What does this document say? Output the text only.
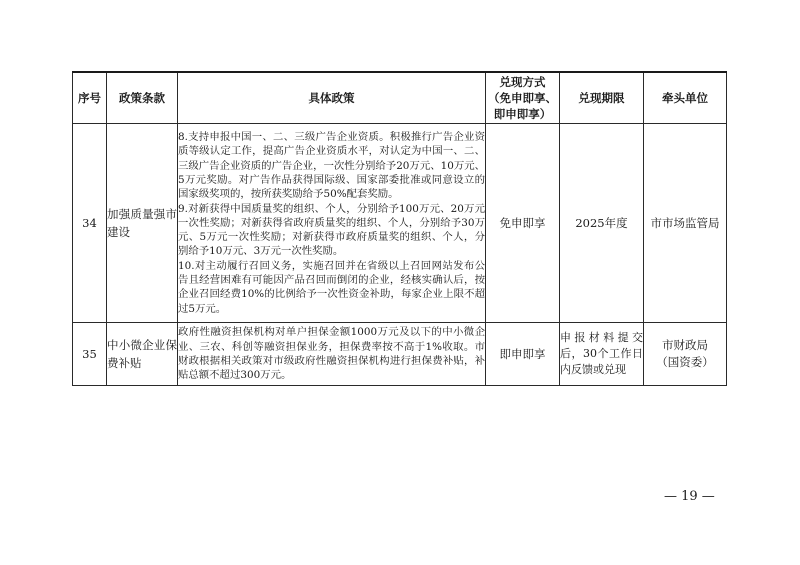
序号	政策条款	具体政策	兑现方式
（免申即享、
即申即享）	兑现期限	牵头单位
34	加强质量强市建设	8.支持申报中国一、二、三级广告企业资质。积极推行广告企业资质等级认定工作，提高广告企业资质水平，对认定为中国一、二、三级广告企业资质的广告企业，一次性分别给予20万元、10万元、5万元奖励。对广告作品获得国际级、国家部委批准或同意设立的国家级奖项的，按所获奖励给予50%配套奖励。

9.对新获得中国质量奖的组织、个人，分别给予100万元、20万元一次性奖励；对新获得省政府质量奖的组织、个人，分别给予30万元、5万元一次性奖励；对新获得市政府质量奖的组织、个人，分别给予10万元、3万元一次性奖励。

10.对主动履行召回义务，实施召回并在省级以上召回网站发布公告且经营困难有可能因产品召回而倒闭的企业，经核实确认后，按企业召回经费10%的比例给予一次性资金补助，每家企业上限不超过5万元。	免申即享	2025年度	市市场监管局

35	中小微企业保费补贴	政府性融资担保机构对单户担保金额1000万元及以下的中小微企业、三农、科创等融资担保业务，担保费率按不高于1%收取。市财政根据相关政策对市级政府性融资担保机构进行担保费补贴，补贴总额不超过300万元。	即申即享	申报材料提交后，30个工作日内反馈或兑现	市财政局
（国资委）
— 19 —
